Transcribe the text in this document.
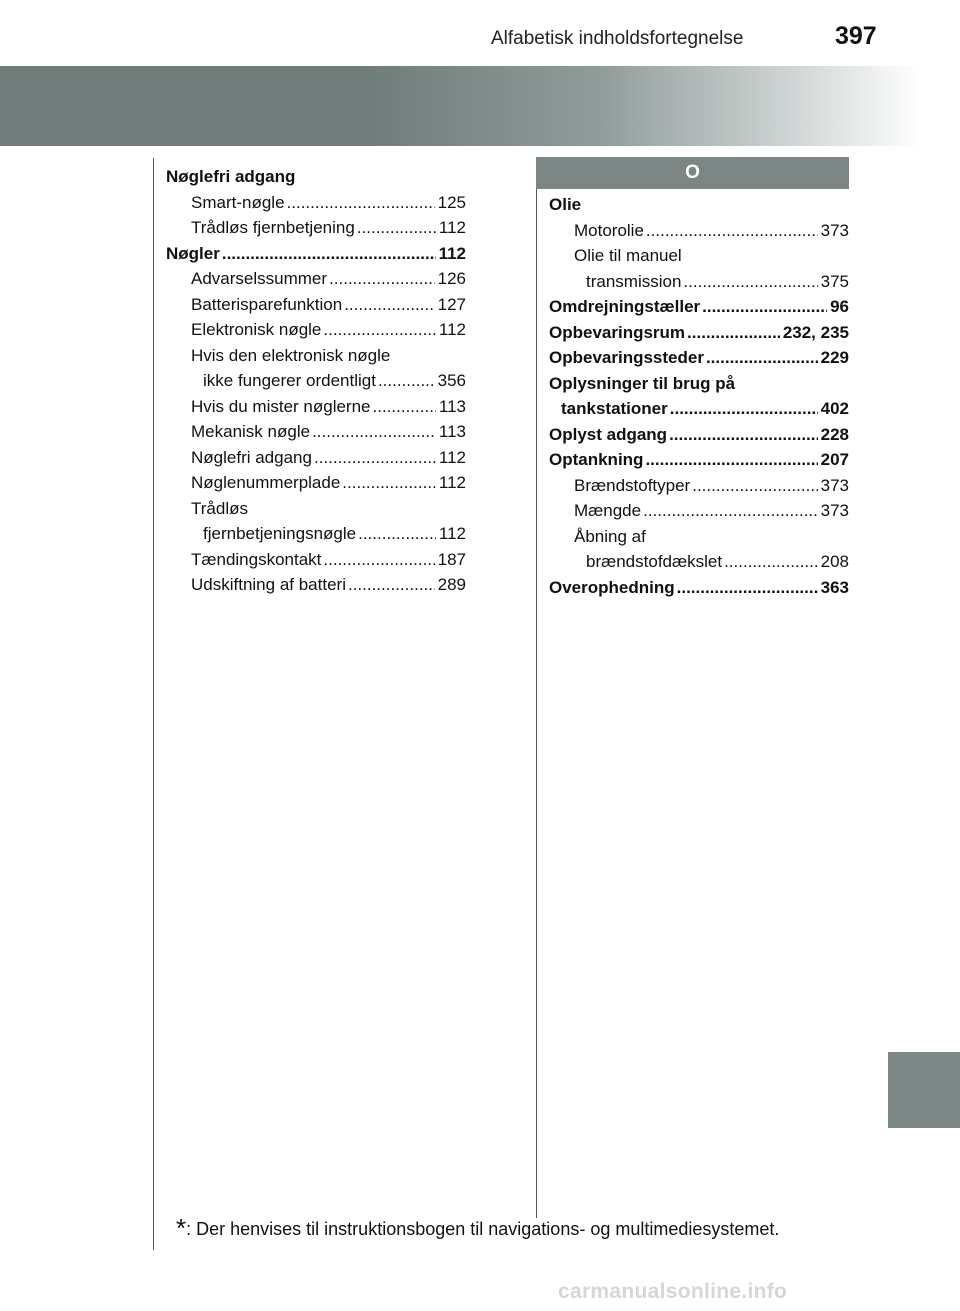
Alfabetisk indholdsfortegnelse	397
O
Nøglefri adgang
Smart-nøgle .....	125
Trådløs fjernbetjening .....	112
Nøgler .....	112
Advarselssummer .....	126
Batterisparefunktion .....	127
Elektronisk nøgle .....	112
Hvis den elektronisk nøgle
ikke fungerer ordentligt .....	356
Hvis du mister nøglerne .....	113
Mekanisk nøgle .....	113
Nøglefri adgang .....	112
Nøglenummerplade .....	112
Trådløs
fjernbetjeningsnøgle .....	112
Tændingskontakt .....	187
Udskiftning af batteri .....	289
Olie
Motorolie .....	373
Olie til manuel
transmission .....	375
Omdrejningstæller .....	96
Opbevaringsrum .....	232, 235
Opbevaringssteder .....	229
Oplysninger til brug på
tankstationer .....	402
Oplyst adgang .....	228
Optankning .....	207
Brændstoftyper .....	373
Mængde .....	373
Åbning af
brændstofdækslet .....	208
Overophedning .....	363
*: Der henvises til instruktionsbogen til navigations- og multimediesystemet.
carmanualsonline.info
